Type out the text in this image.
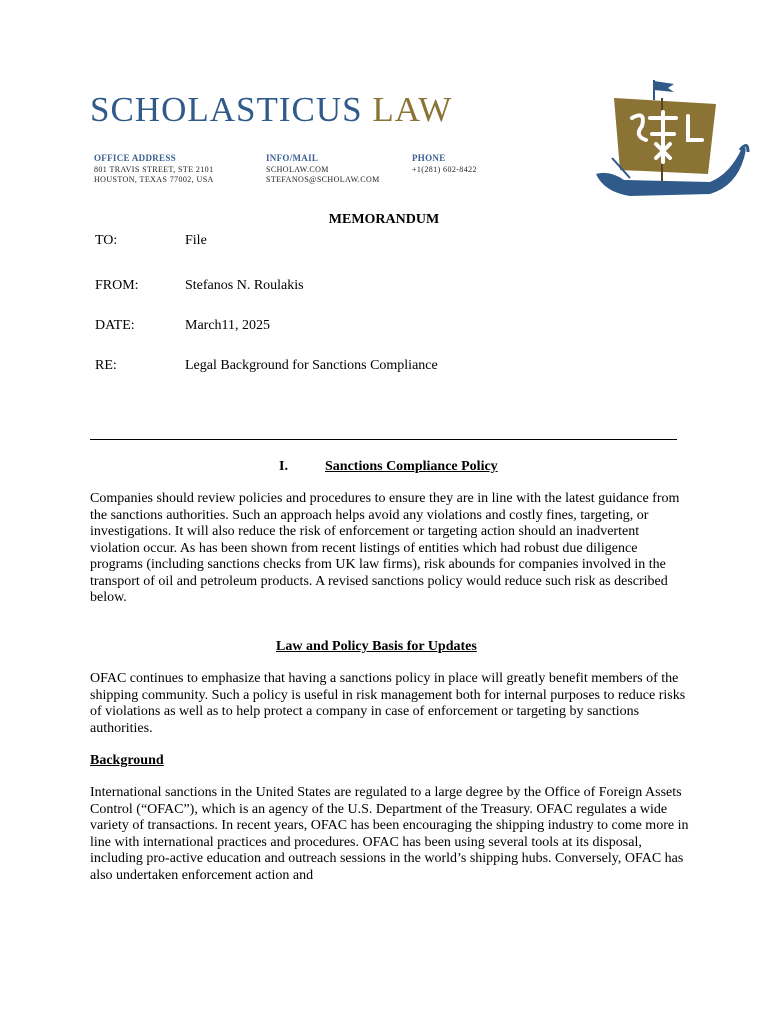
SCHOLASTICUS LAW
OFFICE ADDRESS
801 TRAVIS STREET, STE 2101
HOUSTON, TEXAS 77002, USA
INFO/MAIL
SCHOLAW.COM
STEFANOS@SCHOLAW.COM
PHONE
+1(281) 602-8422
MEMORANDUM
TO:	File
FROM:	Stefanos N. Roulakis
DATE:	March11, 2025
RE:	Legal Background for Sanctions Compliance
I.	Sanctions Compliance Policy

Companies should review policies and procedures to ensure they are in line with the latest guidance from the sanctions authorities. Such an approach helps avoid any violations and costly fines, targeting, or investigations. It will also reduce the risk of enforcement or targeting action should an inadvertent violation occur. As has been shown from recent listings of entities which had robust due diligence programs (including sanctions checks from UK law firms), risk abounds for companies involved in the transport of oil and petroleum products. A revised sanctions policy would reduce such risk as described below.

Law and Policy Basis for Updates

OFAC continues to emphasize that having a sanctions policy in place will greatly benefit members of the shipping community. Such a policy is useful in risk management both for internal purposes to reduce risks of violations as well as to help protect a company in case of enforcement or targeting by sanctions authorities.

Background

International sanctions in the United States are regulated to a large degree by the Office of Foreign Assets Control (“OFAC”), which is an agency of the U.S. Department of the Treasury. OFAC regulates a wide variety of transactions. In recent years, OFAC has been encouraging the shipping industry to come more in line with international practices and procedures. OFAC has been using several tools at its disposal, including pro-active education and outreach sessions in the world’s shipping hubs. Conversely, OFAC has also undertaken enforcement action and
